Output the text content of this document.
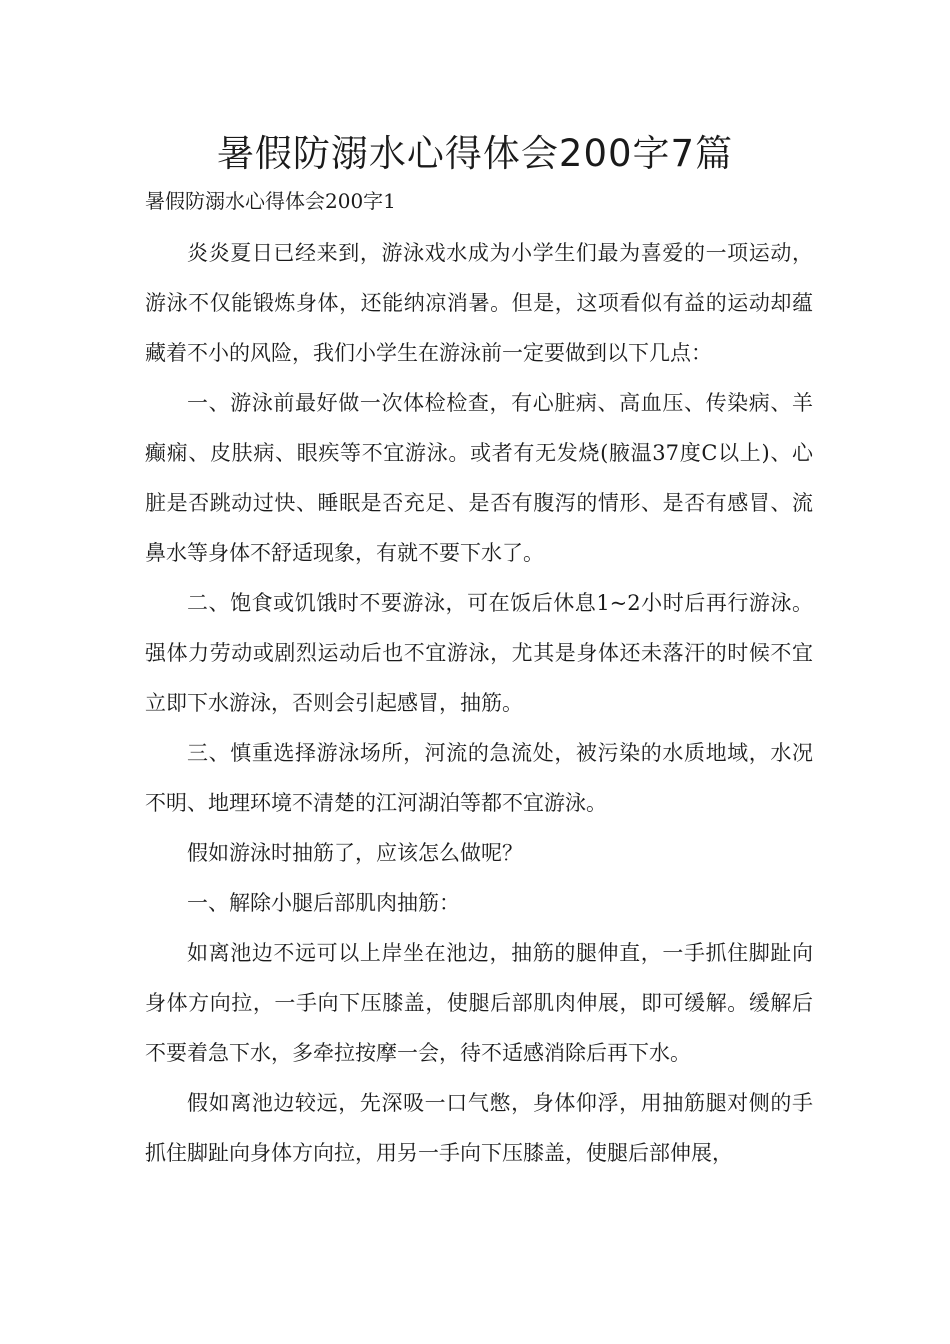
暑假防溺水心得体会200字7篇

暑假防溺水心得体会200字1

炎炎夏日已经来到，游泳戏水成为小学生们最为喜爱的一项运动，游泳不仅能锻炼身体，还能纳凉消暑。但是，这项看似有益的运动却蕴藏着不小的风险，我们小学生在游泳前一定要做到以下几点：

一、游泳前最好做一次体检检查，有心脏病、高血压、传染病、羊癫痫、皮肤病、眼疾等不宜游泳。或者有无发烧(腋温37度C以上)、心脏是否跳动过快、睡眠是否充足、是否有腹泻的情形、是否有感冒、流鼻水等身体不舒适现象，有就不要下水了。

二、饱食或饥饿时不要游泳，可在饭后休息1~2小时后再行游泳。强体力劳动或剧烈运动后也不宜游泳，尤其是身体还未落汗的时候不宜立即下水游泳，否则会引起感冒，抽筋。

三、慎重选择游泳场所，河流的急流处，被污染的水质地域，水况不明、地理环境不清楚的江河湖泊等都不宜游泳。

假如游泳时抽筋了，应该怎么做呢？

一、解除小腿后部肌肉抽筋：

如离池边不远可以上岸坐在池边，抽筋的腿伸直，一手抓住脚趾向身体方向拉，一手向下压膝盖，使腿后部肌肉伸展，即可缓解。缓解后不要着急下水，多牵拉按摩一会，待不适感消除后再下水。

假如离池边较远，先深吸一口气憋，身体仰浮，用抽筋腿对侧的手抓住脚趾向身体方向拉，用另一手向下压膝盖，使腿后部伸展，
